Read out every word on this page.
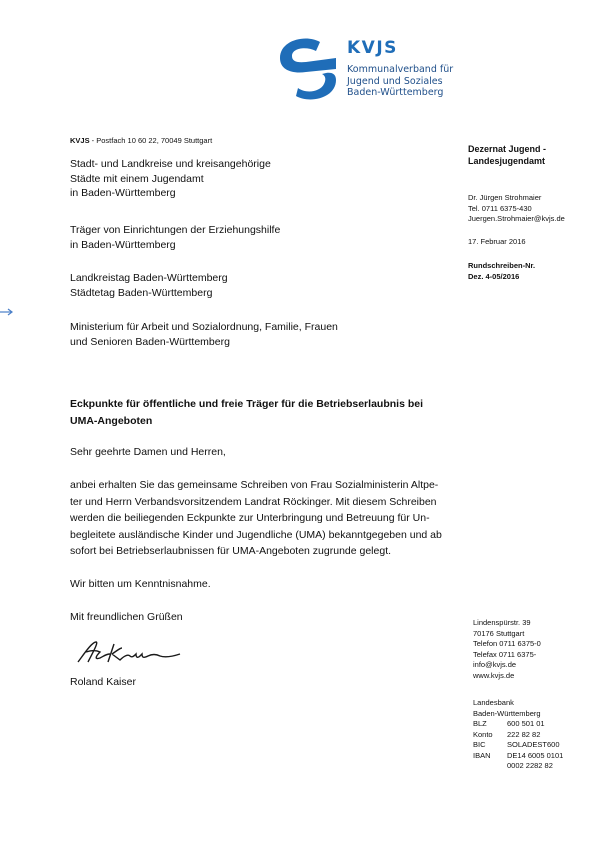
KVJS
Kommunalverband für
Jugend und Soziales
Baden-Württemberg
KVJS - Postfach 10 60 22, 70049 Stuttgart
Stadt- und Landkreise und kreisangehörige
Städte mit einem Jugendamt
in Baden-Württemberg
Träger von Einrichtungen der Erziehungshilfe
in Baden-Württemberg
Landkreistag Baden-Württemberg
Städtetag Baden-Württemberg
Ministerium für Arbeit und Sozialordnung, Familie, Frauen
und Senioren Baden-Württemberg
Dezernat Jugend -
Landesjugendamt
Dr. Jürgen Strohmaier
Tel. 0711 6375-430
Juergen.Strohmaier@kvjs.de
17. Februar 2016
Rundschreiben-Nr.
Dez. 4-05/2016
Eckpunkte für öffentliche und freie Träger für die Betriebserlaubnis bei
UMA-Angeboten
Sehr geehrte Damen und Herren,
anbei erhalten Sie das gemeinsame Schreiben von Frau Sozialministerin Altpe-
ter und Herrn Verbandsvorsitzendem Landrat Röckinger. Mit diesem Schreiben
werden die beiliegenden Eckpunkte zur Unterbringung und Betreuung für Un-
begleitete ausländische Kinder und Jugendliche (UMA) bekanntgegeben und ab
sofort bei Betriebserlaubnissen für UMA-Angeboten zugrunde gelegt.
Wir bitten um Kenntnisnahme.
Mit freundlichen Grüßen
Roland Kaiser
Lindenspürstr. 39
70176 Stuttgart
Telefon 0711 6375-0
Telefax 0711 6375-
info@kvjs.de
www.kvjs.de
Landesbank
Baden-Württemberg
BLZ	600 501 01
Konto	222 82 82
BIC	SOLADEST600
IBAN	DE14 6005 0101
	0002 2282 82
